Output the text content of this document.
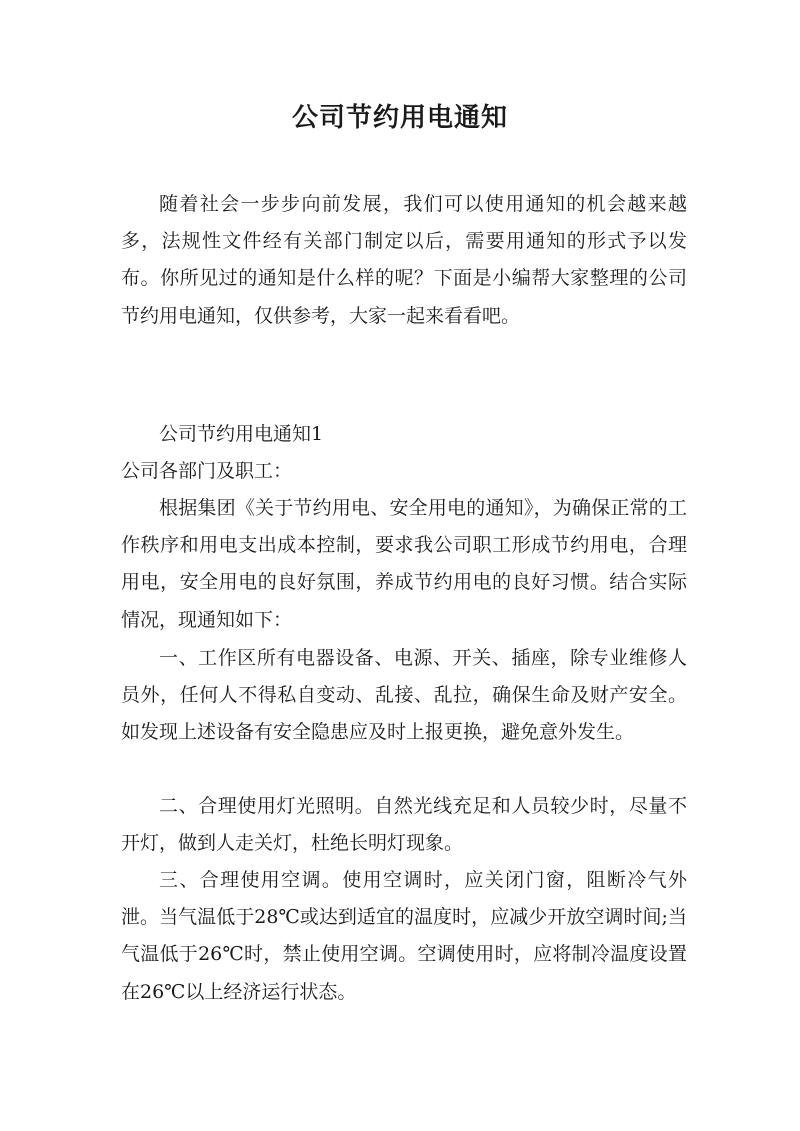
公司节约用电通知

随着社会一步步向前发展，我们可以使用通知的机会越来越多，法规性文件经有关部门制定以后，需要用通知的形式予以发布。你所见过的通知是什么样的呢？下面是小编帮大家整理的公司节约用电通知，仅供参考，大家一起来看看吧。

公司节约用电通知1

公司各部门及职工：

根据集团《关于节约用电、安全用电的通知》，为确保正常的工作秩序和用电支出成本控制，要求我公司职工形成节约用电，合理用电，安全用电的良好氛围，养成节约用电的良好习惯。结合实际情况，现通知如下：

一、工作区所有电器设备、电源、开关、插座，除专业维修人员外，任何人不得私自变动、乱接、乱拉，确保生命及财产安全。如发现上述设备有安全隐患应及时上报更换，避免意外发生。

二、合理使用灯光照明。自然光线充足和人员较少时，尽量不开灯，做到人走关灯，杜绝长明灯现象。

三、合理使用空调。使用空调时，应关闭门窗，阻断冷气外泄。当气温低于28℃或达到适宜的温度时，应减少开放空调时间;当气温低于26℃时，禁止使用空调。空调使用时，应将制冷温度设置在26℃以上经济运行状态。
